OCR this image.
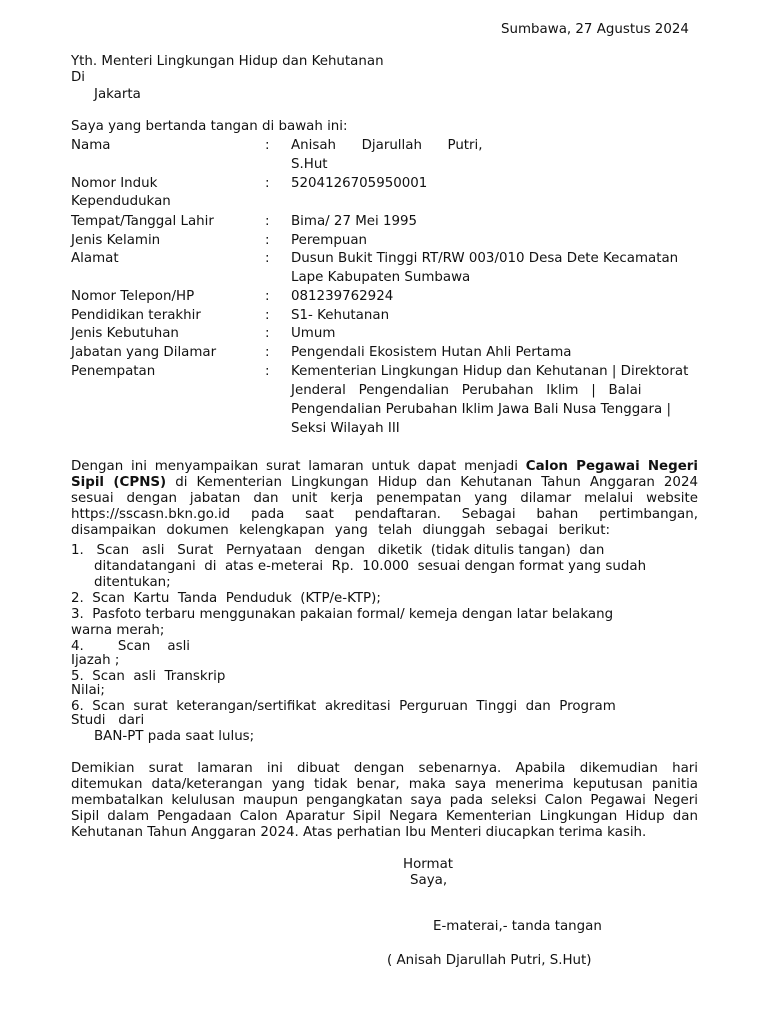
Sumbawa, 27 Agustus 2024
Yth. Menteri Lingkungan Hidup dan Kehutanan
Di
Jakarta
Saya yang bertanda tangan di bawah ini:
Nama	: Anisah      Djarullah      Putri,
S.Hut
Nomor Induk
Kependudukan
: 5204126705950001
Tempat/Tanggal Lahir	: Bima/ 27 Mei 1995
Jenis Kelamin	: Perempuan
Alamat	: Dusun Bukit Tinggi RT/RW 003/010 Desa Dete Kecamatan
Lape Kabupaten Sumbawa
Nomor Telepon/HP	: 081239762924
Pendidikan terakhir	: S1- Kehutanan
Jenis Kebutuhan	: Umum
Jabatan yang Dilamar	: Pengendali Ekosistem Hutan Ahli Pertama
Penempatan	: Kementerian Lingkungan Hidup dan Kehutanan | Direktorat
Jenderal   Pengendalian   Perubahan   Iklim   |   Balai
Pengendalian Perubahan Iklim Jawa Bali Nusa Tenggara |
Seksi Wilayah III
Dengan ini menyampaikan surat lamaran untuk dapat menjadi Calon Pegawai Negeri
Sipil (CPNS) di Kementerian Lingkungan Hidup dan Kehutanan Tahun Anggaran 2024
sesuai dengan jabatan dan unit kerja penempatan yang dilamar melalui website
https://sscasn.bkn.go.id pada saat pendaftaran. Sebagai bahan pertimbangan,
disampaikan dokumen kelengkapan yang telah diunggah sebagai berikut:
1.   Scan   asli   Surat   Pernyataan   dengan   diketik  (tidak ditulis tangan)  dan
ditandatangani  di  atas e-meterai  Rp.  10.000  sesuai dengan format yang sudah
ditentukan;
2.  Scan  Kartu  Tanda  Penduduk  (KTP/e-KTP);
3.  Pasfoto terbaru menggunakan pakaian formal/ kemeja dengan latar belakang
warna merah;
4.        Scan    asli
Ijazah ;
5.  Scan  asli  Transkrip
Nilai;
6.  Scan  surat  keterangan/sertifikat  akreditasi  Perguruan  Tinggi  dan  Program
Studi   dari
BAN-PT pada saat lulus;
Demikian surat lamaran ini dibuat dengan sebenarnya. Apabila dikemudian hari
ditemukan data/keterangan yang tidak benar, maka saya menerima keputusan panitia
membatalkan kelulusan maupun pengangkatan saya pada seleksi Calon Pegawai Negeri
Sipil dalam Pengadaan Calon Aparatur Sipil Negara Kementerian Lingkungan Hidup dan
Kehutanan Tahun Anggaran 2024. Atas perhatian Ibu Menteri diucapkan terima kasih.
Hormat
Saya,
E-materai,- tanda tangan
( Anisah Djarullah Putri, S.Hut)
